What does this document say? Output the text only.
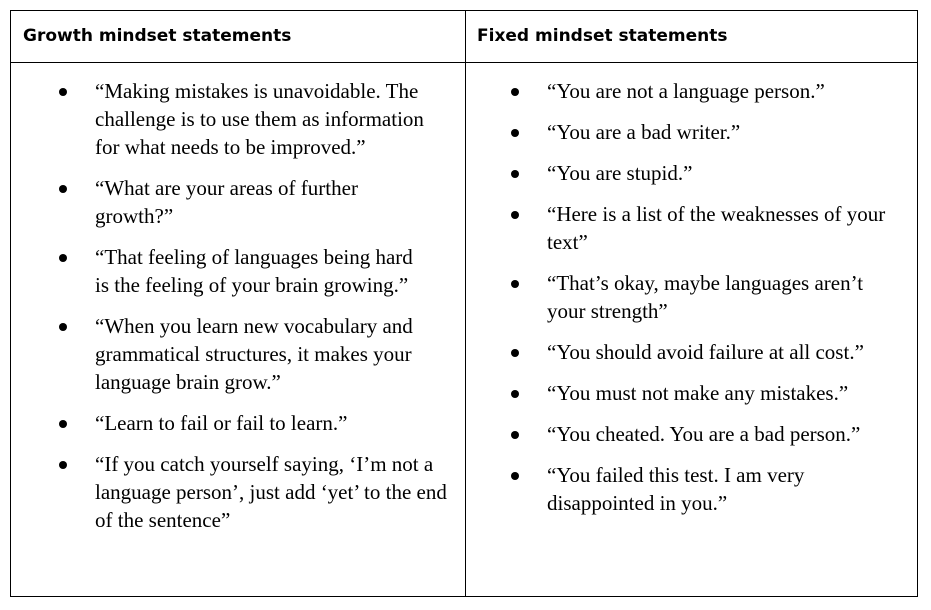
Growth mindset statements	Fixed mindset statements
“Making mistakes is unavoidable. The challenge is to use them as information for what needs to be improved.”
“What are your areas of further growth?”
“That feeling of languages being hard is the feeling of your brain growing.”
“When you learn new vocabulary and grammatical structures, it makes your language brain grow.”
“Learn to fail or fail to learn.”
“If you catch yourself saying, ‘I’m not a language person’, just add ‘yet’ to the end of the sentence”
“You are not a language person.”
“You are a bad writer.”
“You are stupid.”
“Here is a list of the weaknesses of your text”
“That’s okay, maybe languages aren’t your strength”
“You should avoid failure at all cost.”
“You must not make any mistakes.”
“You cheated. You are a bad person.”
“You failed this test. I am very disappointed in you.”
